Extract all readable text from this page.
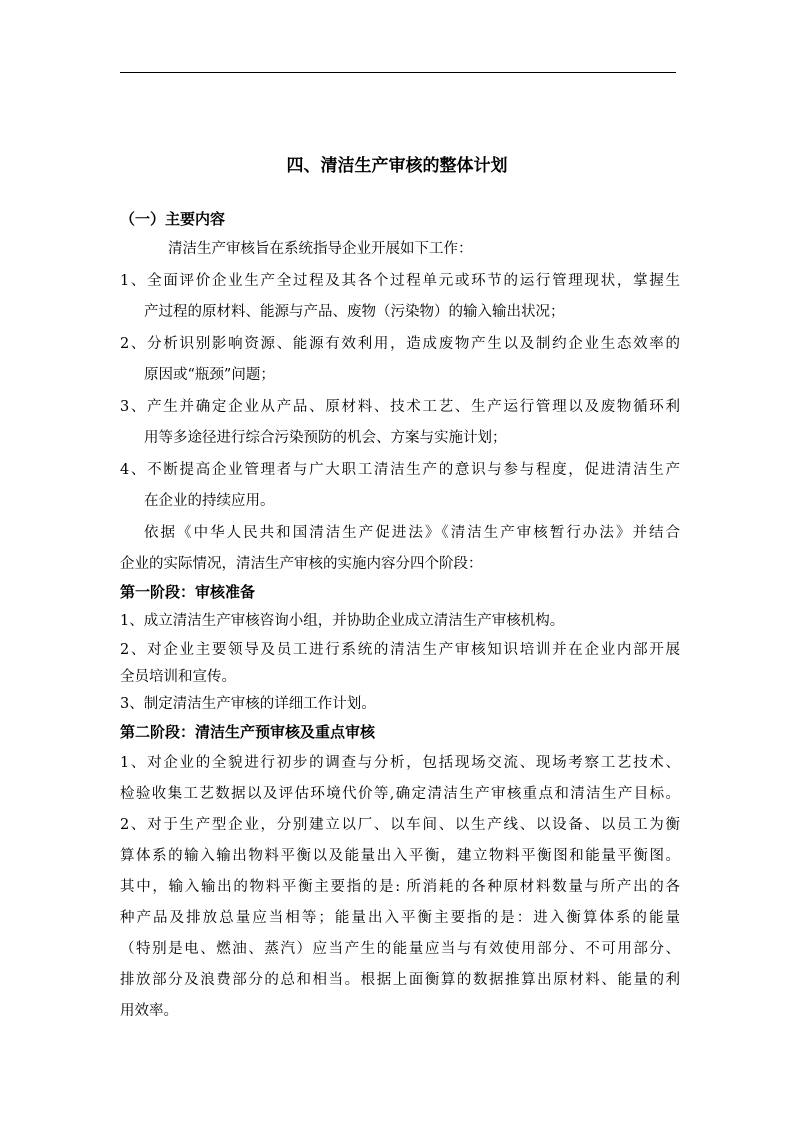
四、清洁生产审核的整体计划
（一）主要内容
清洁生产审核旨在系统指导企业开展如下工作：
1、全面评价企业生产全过程及其各个过程单元或环节的运行管理现状，掌握生
产过程的原材料、能源与产品、废物（污染物）的输入输出状况；
2、分析识别影响资源、能源有效利用，造成废物产生以及制约企业生态效率的
原因或“瓶颈”问题；
3、产生并确定企业从产品、原材料、技术工艺、生产运行管理以及废物循环利
用等多途径进行综合污染预防的机会、方案与实施计划；
4、不断提高企业管理者与广大职工清洁生产的意识与参与程度，促进清洁生产
在企业的持续应用。
依据《中华人民共和国清洁生产促进法》《清洁生产审核暂行办法》并结合
企业的实际情况，清洁生产审核的实施内容分四个阶段：
第一阶段：审核准备
1、成立清洁生产审核咨询小组，并协助企业成立清洁生产审核机构。
2、对企业主要领导及员工进行系统的清洁生产审核知识培训并在企业内部开展
全员培训和宣传。
3、制定清洁生产审核的详细工作计划。
第二阶段：清洁生产预审核及重点审核
1、对企业的全貌进行初步的调查与分析，包括现场交流、现场考察工艺技术、
检验收集工艺数据以及评估环境代价等,确定清洁生产审核重点和清洁生产目标。
2、对于生产型企业，分别建立以厂、以车间、以生产线、以设备、以员工为衡
算体系的输入输出物料平衡以及能量出入平衡，建立物料平衡图和能量平衡图。
其中，输入输出的物料平衡主要指的是: 所消耗的各种原材料数量与所产出的各
种产品及排放总量应当相等；能量出入平衡主要指的是：进入衡算体系的能量
（特别是电、燃油、蒸汽）应当产生的能量应当与有效使用部分、不可用部分、
排放部分及浪费部分的总和相当。根据上面衡算的数据推算出原材料、能量的利
用效率。
